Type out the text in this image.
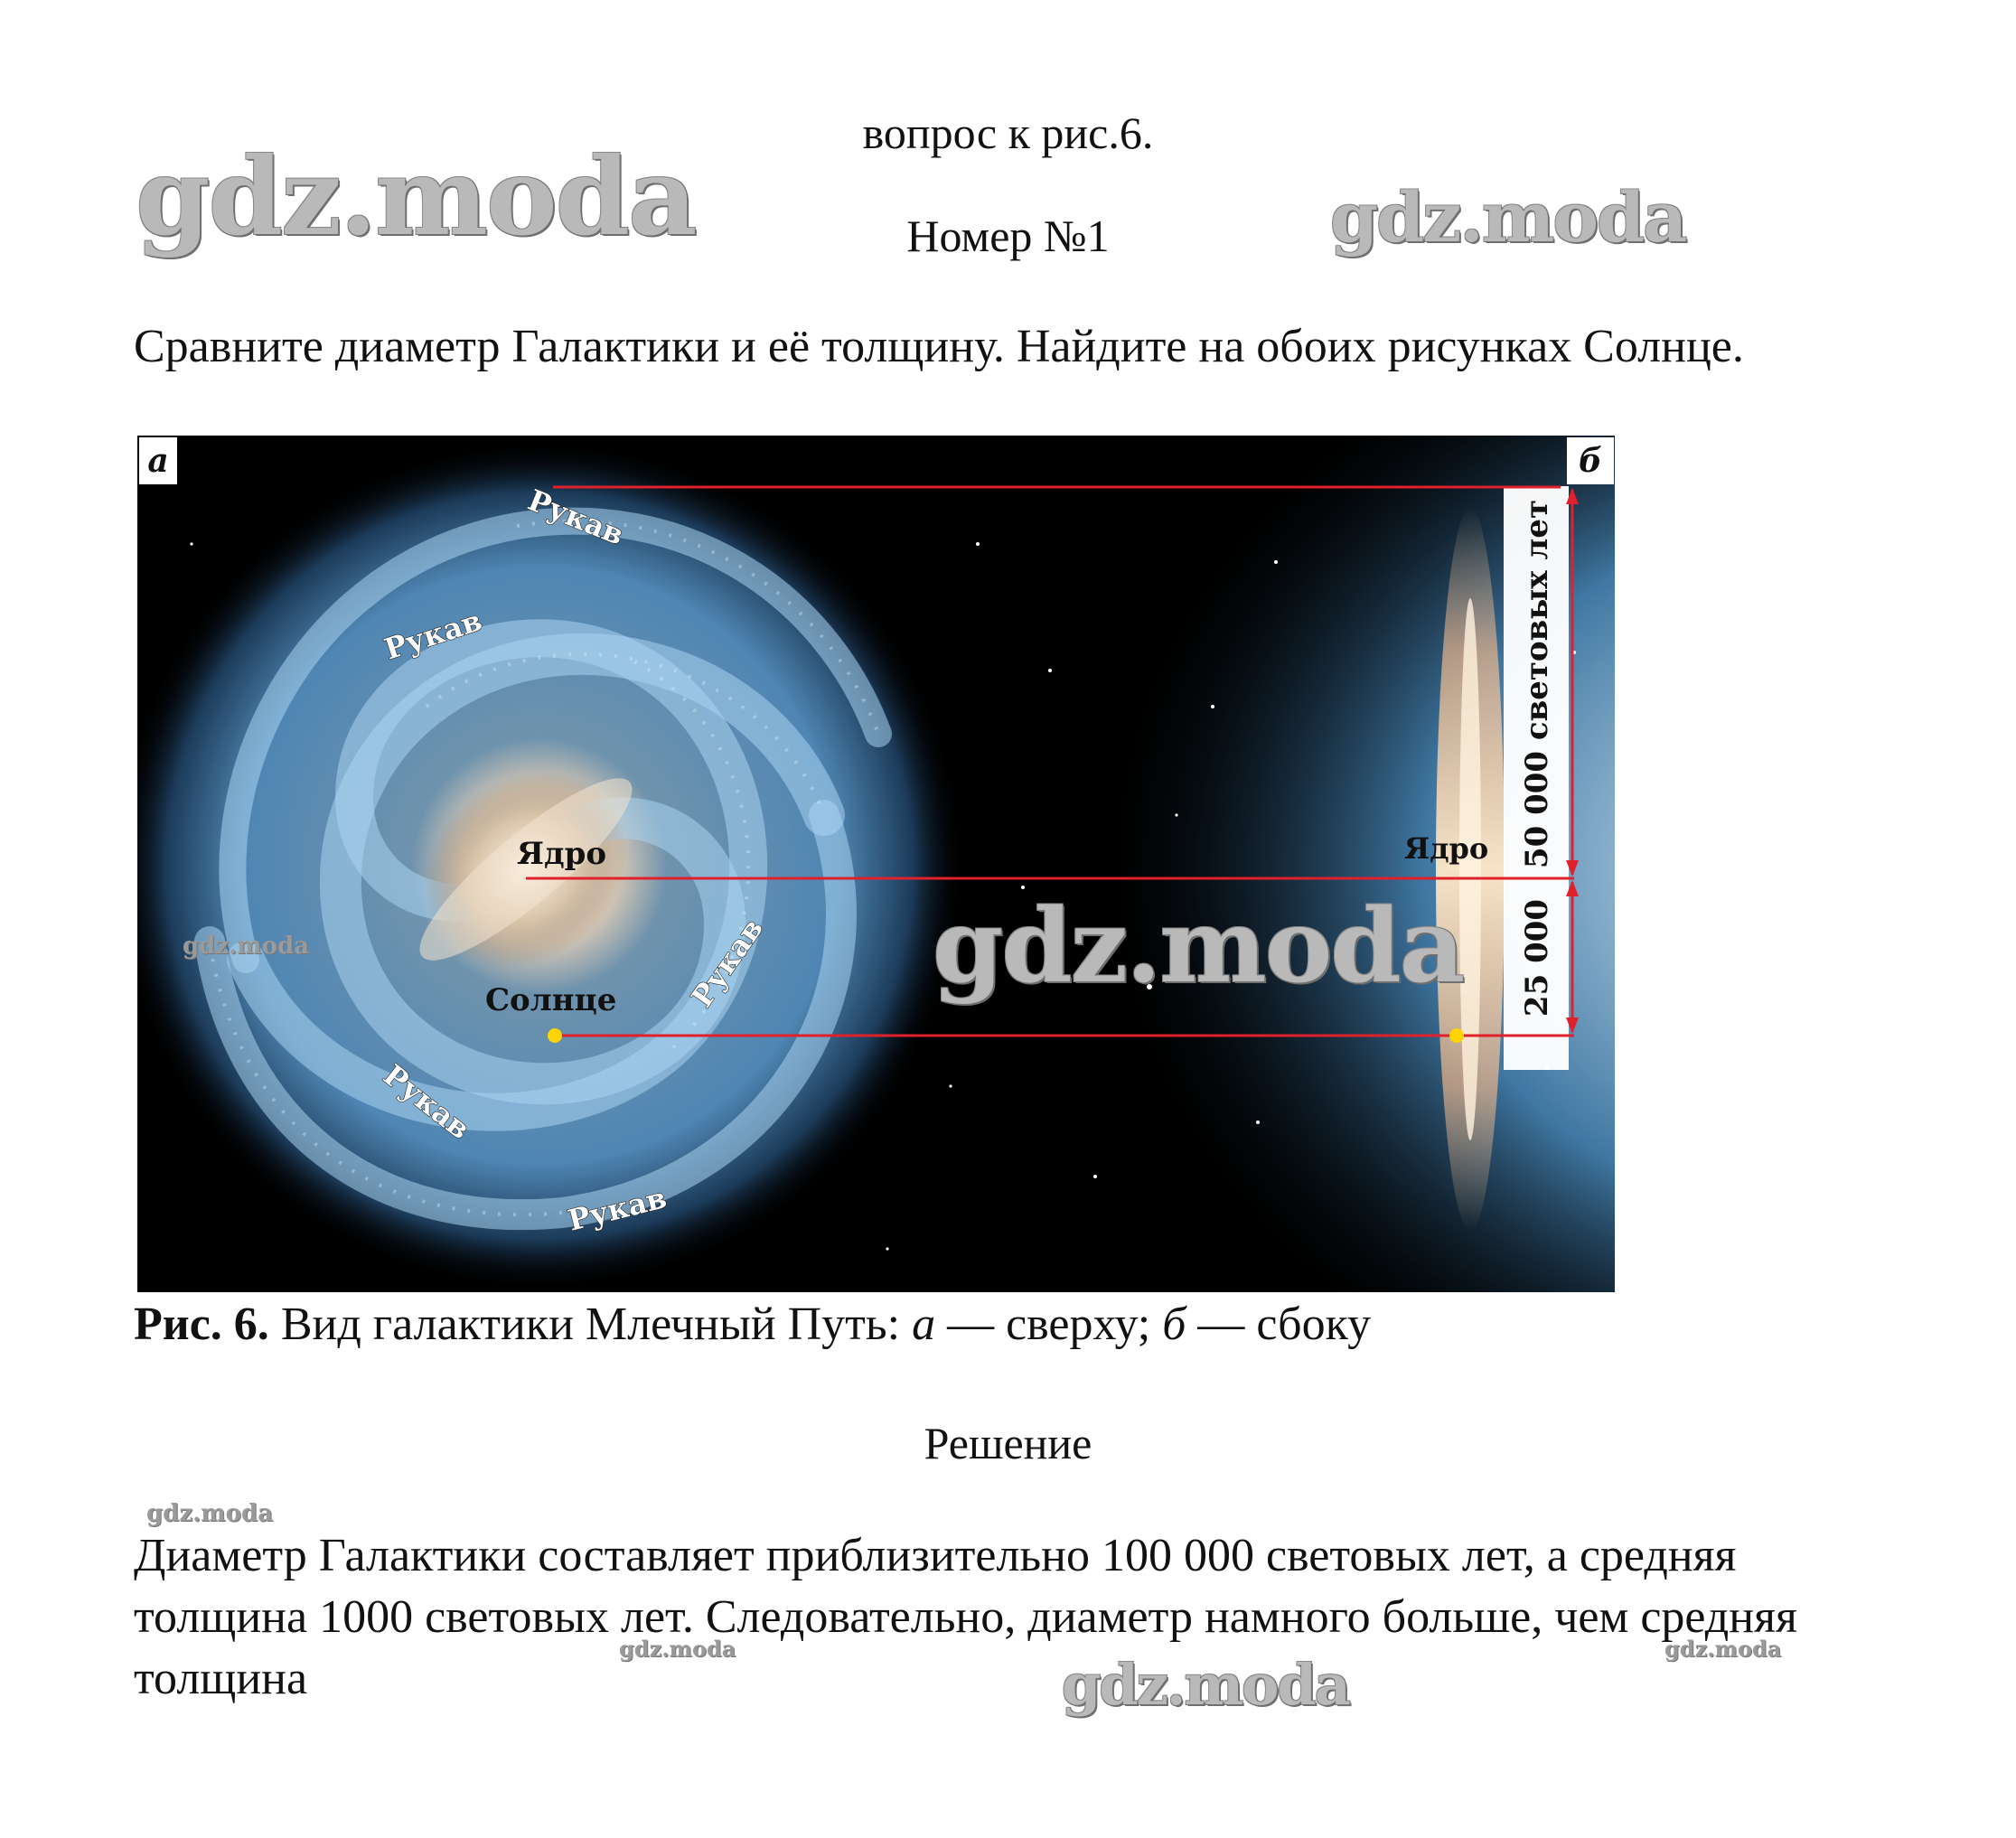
вопрос к рис.6.
Номер №1
gdz.moda	gdz.moda
Сравните диаметр Галактики и её толщину. Найдите на обоих рисунках Солнце.
а	б
Рукав
Рукав
Рукав
Рукав
Рукав
Ядро
Солнце
Ядро 50 000 световых лет
25 000
gdz.moda
gdz.moda
Рис. 6. Вид галактики Млечный Путь: а — сверху; б — сбоку
Решение
gdz.moda
Диаметр Галактики составляет приблизительно 100 000 световых лет, а средняя толщина 1000 световых лет. Следовательно, диаметр намного больше, чем средняя толщина
gdz.moda	gdz.moda
gdz.moda
